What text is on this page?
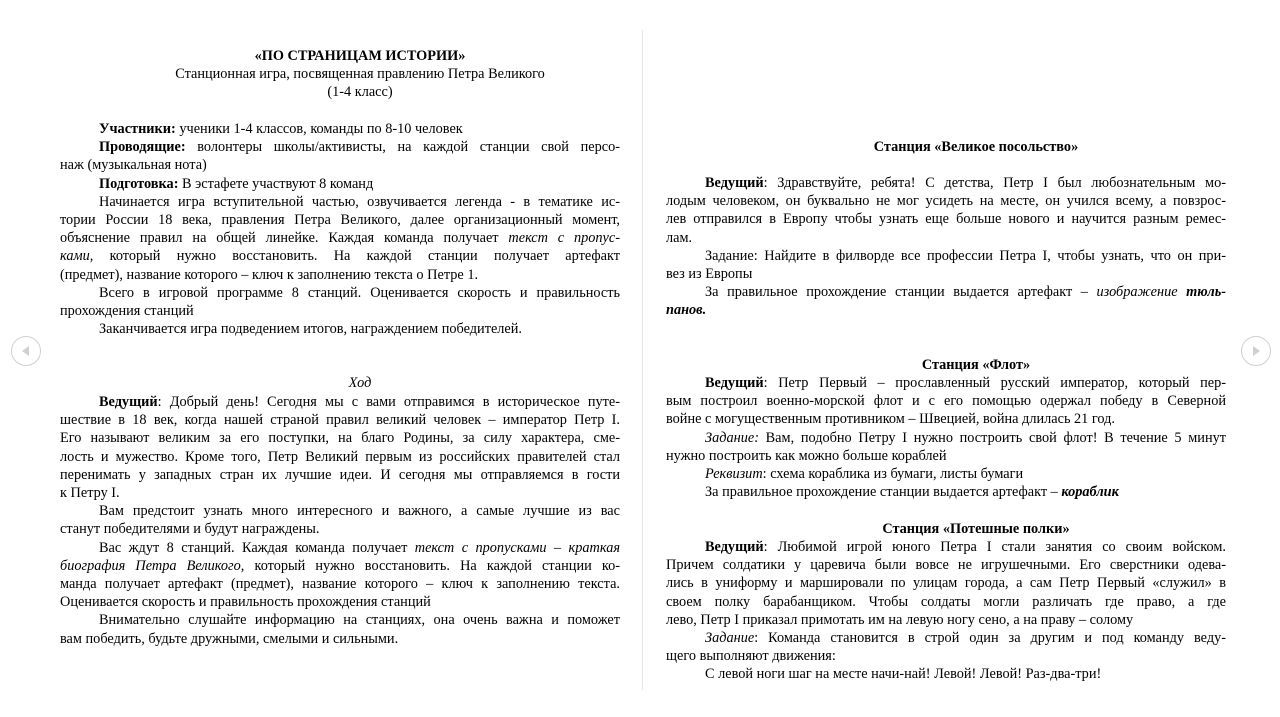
«ПО СТРАНИЦАМ ИСТОРИИ»

Станционная игра, посвященная правлению Петра Великого

(1-4 класс)

Участники: ученики 1-4 классов, команды по 8-10 человек

Проводящие: волонтеры школы/активисты, на каждой станции свой персо-
наж (музыкальная нота)

Подготовка: В эстафете участвуют 8 команд

Начинается игра вступительной частью, озвучивается легенда - в тематике ис-
тории России 18 века, правления Петра Великого, далее организационный момент,
объяснение правил на общей линейке. Каждая команда получает текст с пропус-
ками, который нужно восстановить. На каждой станции получает артефакт
(предмет), название которого – ключ к заполнению текста о Петре 1.

Всего в игровой программе 8 станций. Оценивается скорость и правильность
прохождения станций

Заканчивается игра подведением итогов, награждением победителей.

Ход

Ведущий: Добрый день! Сегодня мы с вами отправимся в историческое путе-
шествие в 18 век, когда нашей страной правил великий человек – император Петр I.
Его называют великим за его поступки, на благо Родины, за силу характера, сме-
лость и мужество. Кроме того, Петр Великий первым из российских правителей стал
перенимать у западных стран их лучшие идеи. И сегодня мы отправляемся в гости
к Петру I.

Вам предстоит узнать много интересного и важного, а самые лучшие из вас
станут победителями и будут награждены.

Вас ждут 8 станций. Каждая команда получает текст с пропусками – краткая
биография Петра Великого, который нужно восстановить. На каждой станции ко-
манда получает артефакт (предмет), название которого – ключ к заполнению текста.
Оценивается скорость и правильность прохождения станций

Внимательно слушайте информацию на станциях, она очень важна и поможет
вам победить, будьте дружными, смелыми и сильными.

Станция «Великое посольство»

Ведущий: Здравствуйте, ребята! С детства, Петр I был любознательным мо-
лодым человеком, он буквально не мог усидеть на месте, он учился всему, а повзрос-
лев отправился в Европу чтобы узнать еще больше нового и научится разным ремес-
лам.

Задание: Найдите в филворде все профессии Петра I, чтобы узнать, что он при-
вез из Европы

За правильное прохождение станции выдается артефакт – изображение тюль-
панов.

Станция «Флот»

Ведущий: Петр Первый – прославленный русский император, который пер-
вым построил военно-морской флот и с его помощью одержал победу в Северной
войне с могущественным противником – Швецией, война длилась 21 год.

Задание: Вам, подобно Петру I нужно построить свой флот! В течение 5 минут
нужно построить как можно больше кораблей

Реквизит: схема кораблика из бумаги, листы бумаги

За правильное прохождение станции выдается артефакт – кораблик

Станция «Потешные полки»

Ведущий: Любимой игрой юного Петра I стали занятия со своим войском.
Причем солдатики у царевича были вовсе не игрушечными. Его сверстники одева-
лись в униформу и маршировали по улицам города, а сам Петр Первый «служил» в
своем полку барабанщиком. Чтобы солдаты могли различать где право, а где
лево, Петр I приказал примотать им на левую ногу сено, а на праву – солому

Задание: Команда становится в строй один за другим и под команду веду-
щего выполняют движения:

С левой ноги шаг на месте начи-най! Левой! Левой! Раз-два-три!
